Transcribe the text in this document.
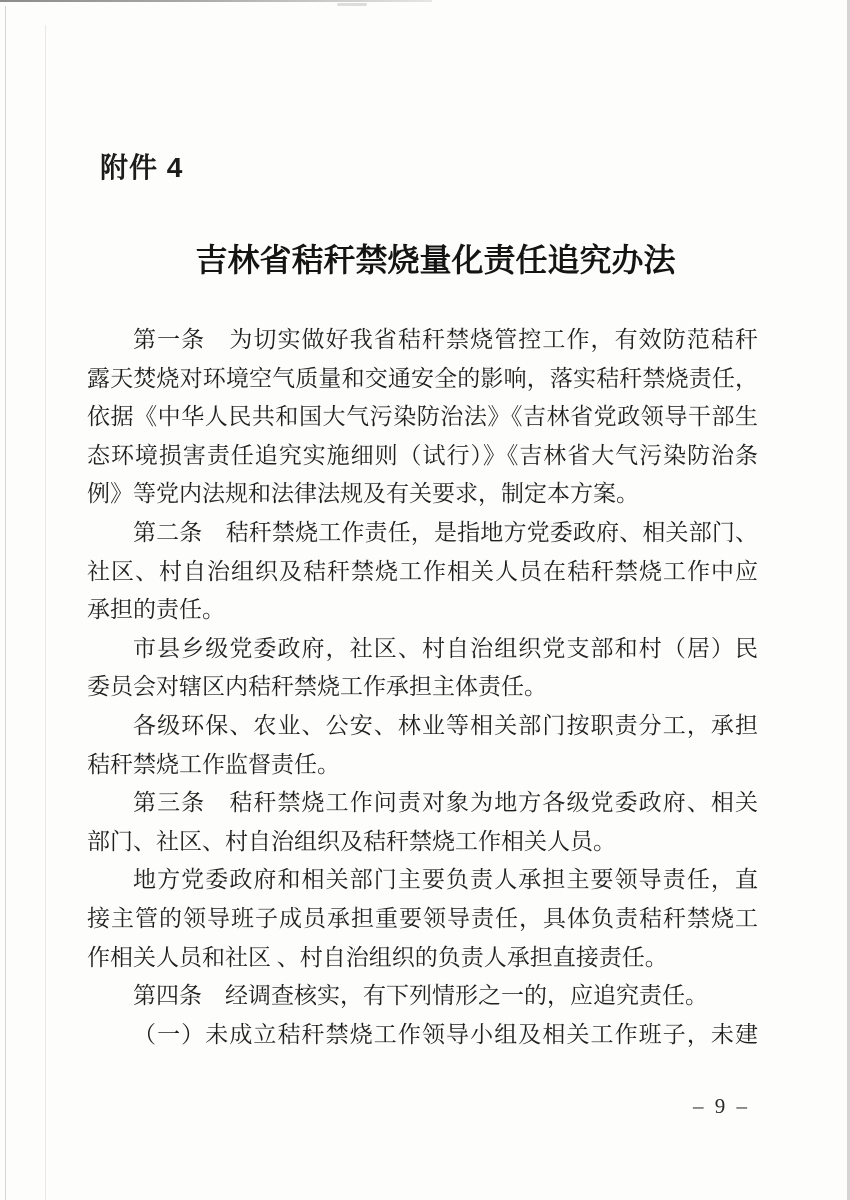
附件 4
吉林省秸秆禁烧量化责任追究办法
第一条　为切实做好我省秸秆禁烧管控工作，有效防范秸秆
露天焚烧对环境空气质量和交通安全的影响，落实秸秆禁烧责任，
依据《中华人民共和国大气污染防治法》《吉林省党政领导干部生
态环境损害责任追究实施细则（试行）》《吉林省大气污染防治条
例》等党内法规和法律法规及有关要求，制定本方案。
第二条　秸秆禁烧工作责任，是指地方党委政府、相关部门、
社区、村自治组织及秸秆禁烧工作相关人员在秸秆禁烧工作中应
承担的责任。
市县乡级党委政府，社区、村自治组织党支部和村（居）民
委员会对辖区内秸秆禁烧工作承担主体责任。
各级环保、农业、公安、林业等相关部门按职责分工，承担
秸秆禁烧工作监督责任。
第三条　秸秆禁烧工作问责对象为地方各级党委政府、相关
部门、社区、村自治组织及秸秆禁烧工作相关人员。
地方党委政府和相关部门主要负责人承担主要领导责任，直
接主管的领导班子成员承担重要领导责任，具体负责秸秆禁烧工
作相关人员和社区 、村自治组织的负责人承担直接责任。
第四条　经调查核实，有下列情形之一的，应追究责任。
（一）未成立秸秆禁烧工作领导小组及相关工作班子，未建
– 9 –
